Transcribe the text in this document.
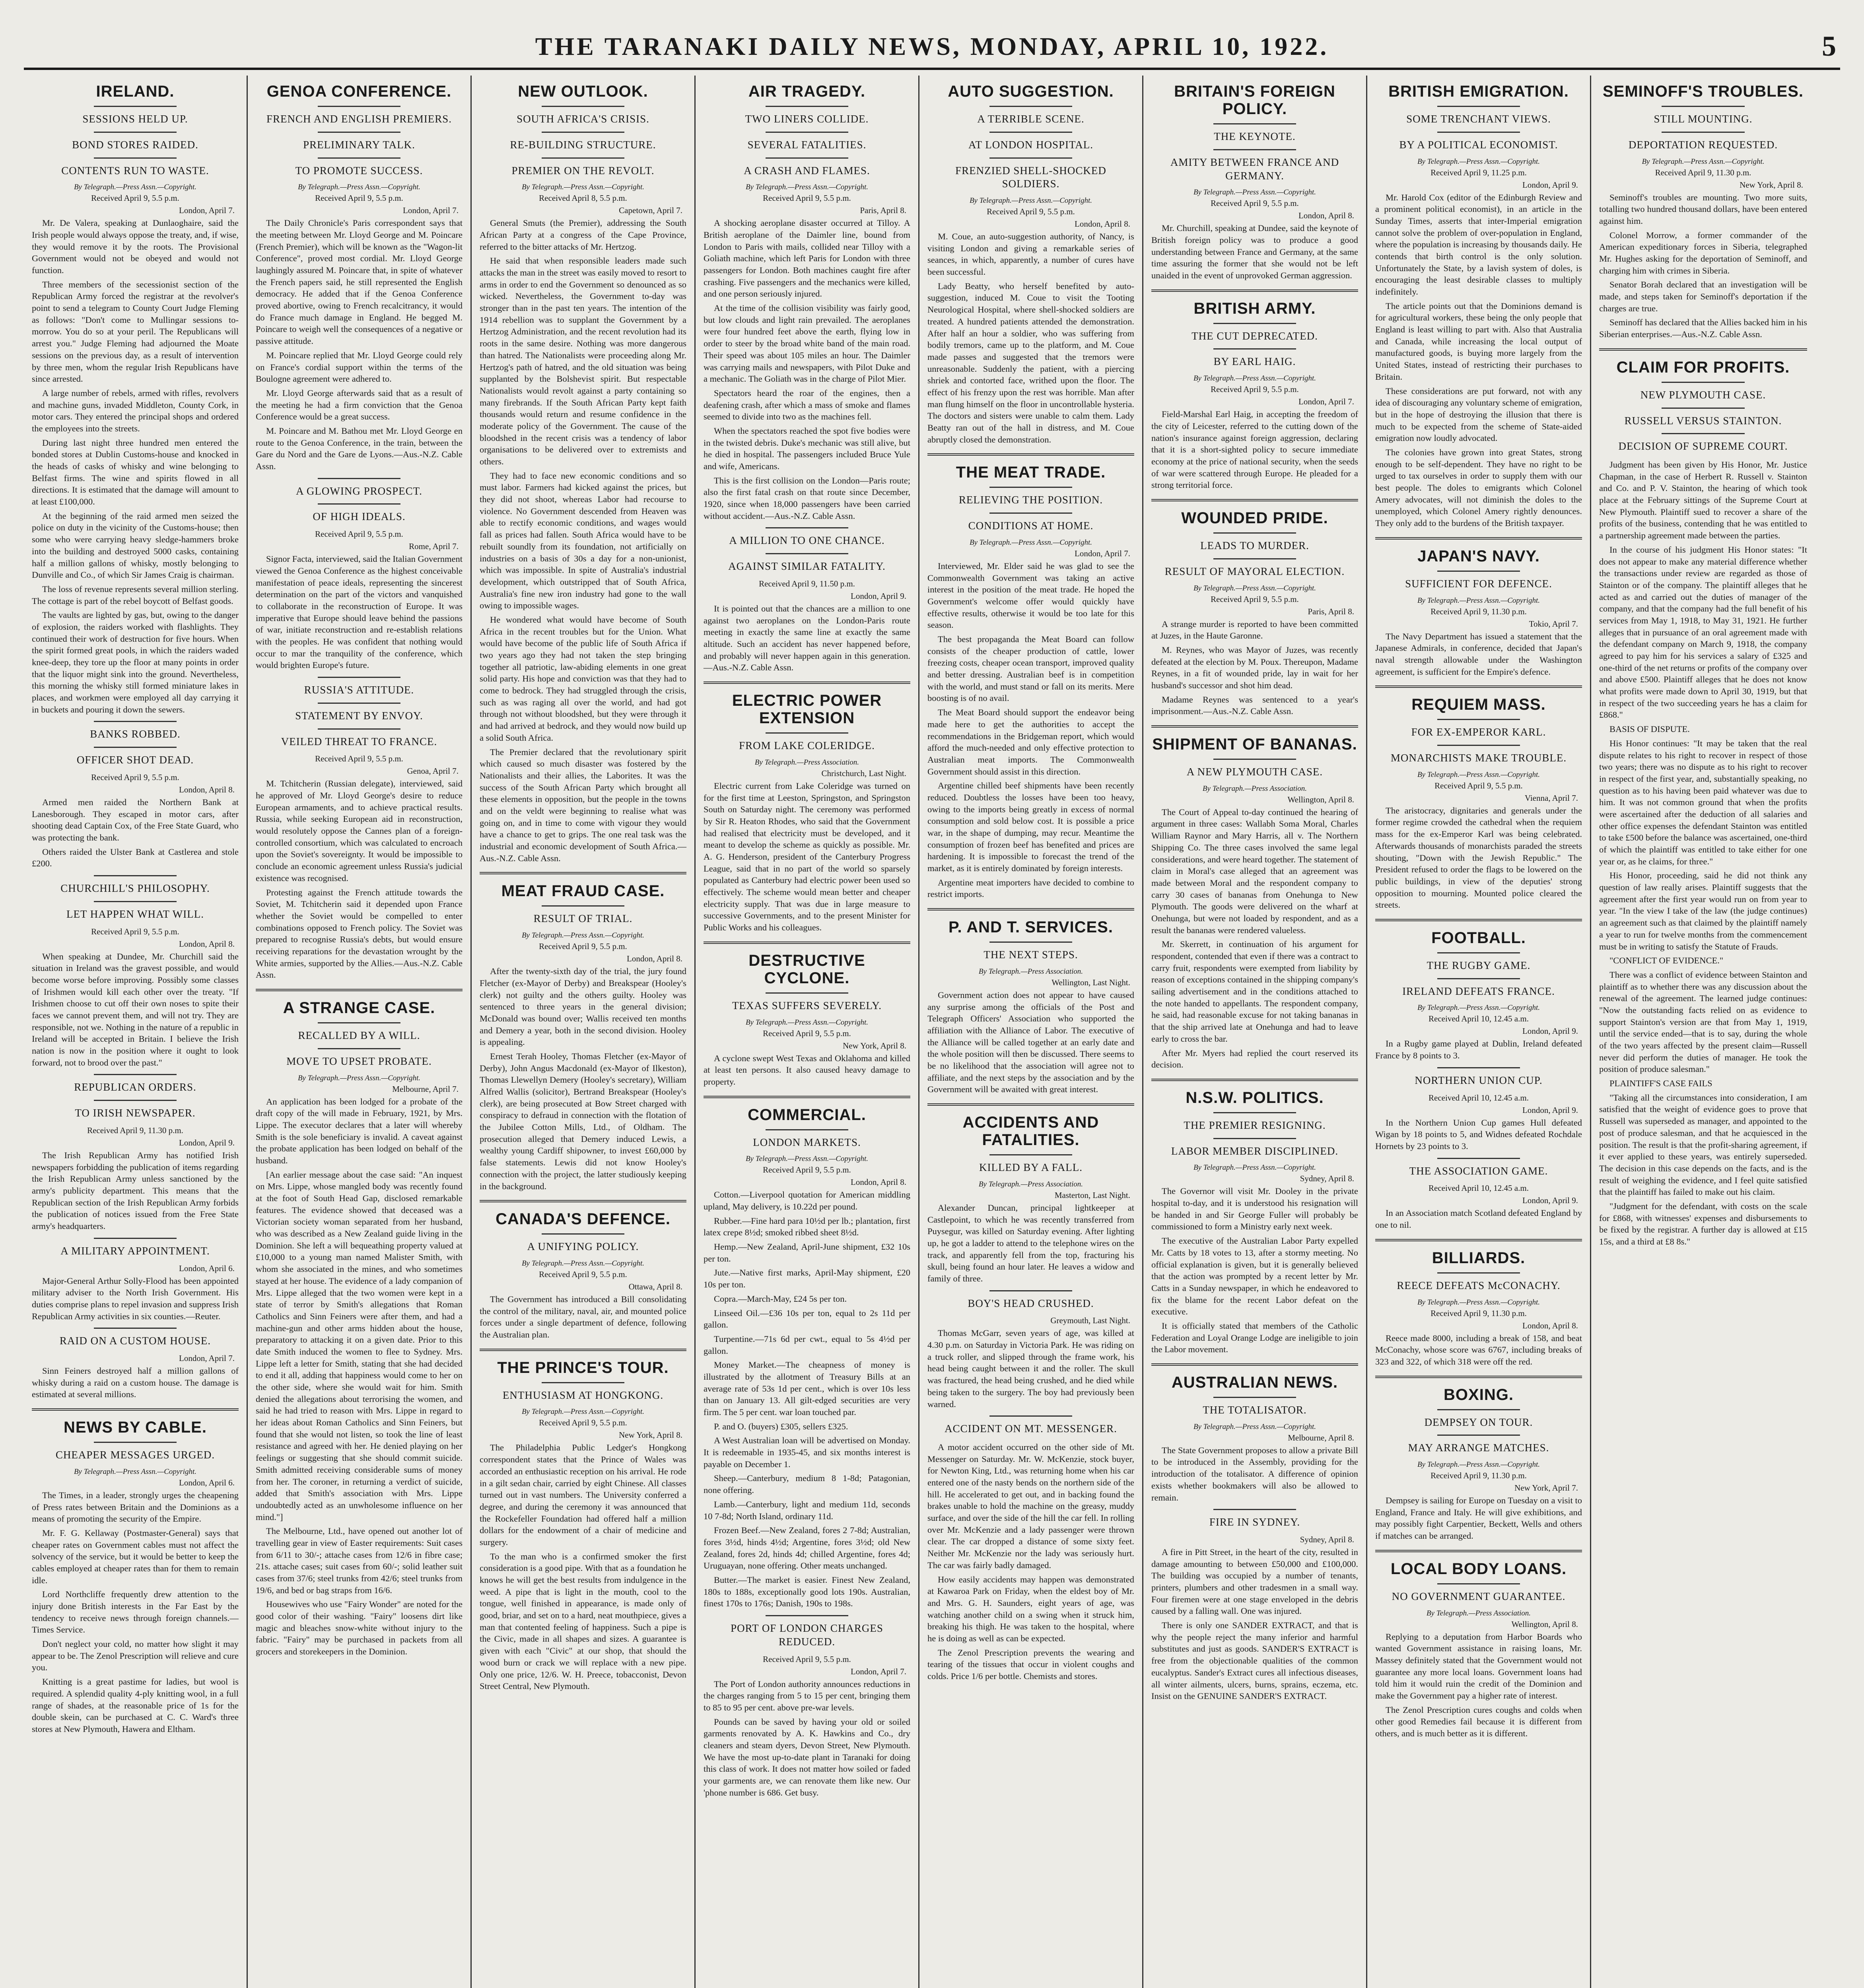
THE TARANAKI DAILY NEWS, MONDAY, APRIL 10, 1922.	5
IRELAND.
SESSIONS HELD UP.
BOND STORES RAIDED.
CONTENTS RUN TO WASTE.
By Telegraph.—Press Assn.—Copyright.
Received April 9, 5.5 p.m.
London, April 7.

Mr. De Valera, speaking at Dunlaoghaire, said the Irish people would always oppose the treaty, and, if wise, they would remove it by the roots. The Provisional Government would not be obeyed and would not function.

Three members of the secessionist section of the Republican Army forced the registrar at the revolver's point to send a telegram to County Court Judge Fleming as follows: "Don't come to Mullingar sessions to-morrow. You do so at your peril. The Republicans will arrest you." Judge Fleming had adjourned the Moate sessions on the previous day, as a result of intervention by three men, whom the regular Irish Republicans have since arrested.

A large number of rebels, armed with rifles, revolvers and machine guns, invaded Middleton, County Cork, in motor cars. They entered the principal shops and ordered the employees into the streets.

During last night three hundred men entered the bonded stores at Dublin Customs-house and knocked in the heads of casks of whisky and wine belonging to Belfast firms. The wine and spirits flowed in all directions. It is estimated that the damage will amount to at least £100,000.

At the beginning of the raid armed men seized the police on duty in the vicinity of the Customs-house; then some who were carrying heavy sledge-hammers broke into the building and destroyed 5000 casks, containing half a million gallons of whisky, mostly belonging to Dunville and Co., of which Sir James Craig is chairman.

The loss of revenue represents several million sterling. The cottage is part of the rebel boycott of Belfast goods.

The vaults are lighted by gas, but, owing to the danger of explosion, the raiders worked with flashlights. They continued their work of destruction for five hours. When the spirit formed great pools, in which the raiders waded knee-deep, they tore up the floor at many points in order that the liquor might sink into the ground. Nevertheless, this morning the whisky still formed miniature lakes in places, and workmen were employed all day carrying it in buckets and pouring it down the sewers.

BANKS ROBBED.
OFFICER SHOT DEAD.
Received April 9, 5.5 p.m.
London, April 8.

Armed men raided the Northern Bank at Lanesborough. They escaped in motor cars, after shooting dead Captain Cox, of the Free State Guard, who was protecting the bank.

Others raided the Ulster Bank at Castlerea and stole £200.

CHURCHILL'S PHILOSOPHY.
LET HAPPEN WHAT WILL.
Received April 9, 5.5 p.m.
London, April 8.

When speaking at Dundee, Mr. Churchill said the situation in Ireland was the gravest possible, and would become worse before improving. Possibly some classes of Irishmen would kill each other over the treaty. "If Irishmen choose to cut off their own noses to spite their faces we cannot prevent them, and will not try. They are responsible, not we. Nothing in the nature of a republic in Ireland will be accepted in Britain. I believe the Irish nation is now in the position where it ought to look forward, not to brood over the past."

REPUBLICAN ORDERS.
TO IRISH NEWSPAPER.
Received April 9, 11.30 p.m.
London, April 9.

The Irish Republican Army has notified Irish newspapers forbidding the publication of items regarding the Irish Republican Army unless sanctioned by the army's publicity department. This means that the Republican section of the Irish Republican Army forbids the publication of notices issued from the Free State army's headquarters.

A MILITARY APPOINTMENT.
London, April 6.

Major-General Arthur Solly-Flood has been appointed military adviser to the North Irish Government. His duties comprise plans to repel invasion and suppress Irish Republican Army activities in six counties.—Reuter.

RAID ON A CUSTOM HOUSE.
London, April 7.

Sinn Feiners destroyed half a million gallons of whisky during a raid on a custom house. The damage is estimated at several millions.

NEWS BY CABLE.
CHEAPER MESSAGES URGED.
By Telegraph.—Press Assn.—Copyright.
London, April 6.

The Times, in a leader, strongly urges the cheapening of Press rates between Britain and the Dominions as a means of promoting the security of the Empire.

Mr. F. G. Kellaway (Postmaster-General) says that cheaper rates on Government cables must not affect the solvency of the service, but it would be better to keep the cables employed at cheaper rates than for them to remain idle.

Lord Northcliffe frequently drew attention to the injury done British interests in the Far East by the tendency to receive news through foreign channels.—Times Service.

Don't neglect your cold, no matter how slight it may appear to be. The Zenol Prescription will relieve and cure you.

Knitting is a great pastime for ladies, but wool is required. A splendid quality 4-ply knitting wool, in a full range of shades, at the reasonable price of 1s for the double skein, can be purchased at C. C. Ward's three stores at New Plymouth, Hawera and Eltham.

GENOA CONFERENCE.
FRENCH AND ENGLISH PREMIERS.
PRELIMINARY TALK.
TO PROMOTE SUCCESS.
By Telegraph.—Press Assn.—Copyright.
Received April 9, 5.5 p.m.
London, April 7.

The Daily Chronicle's Paris correspondent says that the meeting between Mr. Lloyd George and M. Poincare (French Premier), which will be known as the "Wagon-lit Conference", proved most cordial. Mr. Lloyd George laughingly assured M. Poincare that, in spite of whatever the French papers said, he still represented the English democracy. He added that if the Genoa Conference proved abortive, owing to French recalcitrancy, it would do France much damage in England. He begged M. Poincare to weigh well the consequences of a negative or passive attitude.

M. Poincare replied that Mr. Lloyd George could rely on France's cordial support within the terms of the Boulogne agreement were adhered to.

Mr. Lloyd George afterwards said that as a result of the meeting he had a firm conviction that the Genoa Conference would be a great success.

M. Poincare and M. Bathou met Mr. Lloyd George en route to the Genoa Conference, in the train, between the Gare du Nord and the Gare de Lyons.—Aus.-N.Z. Cable Assn.

A GLOWING PROSPECT.
OF HIGH IDEALS.
Received April 9, 5.5 p.m.
Rome, April 7.

Signor Facta, interviewed, said the Italian Government viewed the Genoa Conference as the highest conceivable manifestation of peace ideals, representing the sincerest determination on the part of the victors and vanquished to collaborate in the reconstruction of Europe. It was imperative that Europe should leave behind the passions of war, initiate reconstruction and re-establish relations with the peoples. He was confident that nothing would occur to mar the tranquility of the conference, which would brighten Europe's future.

RUSSIA'S ATTITUDE.
STATEMENT BY ENVOY.
VEILED THREAT TO FRANCE.
Received April 9, 5.5 p.m.
Genoa, April 7.

M. Tchitcherin (Russian delegate), interviewed, said he approved of Mr. Lloyd George's desire to reduce European armaments, and to achieve practical results. Russia, while seeking European aid in reconstruction, would resolutely oppose the Cannes plan of a foreign-controlled consortium, which was calculated to encroach upon the Soviet's sovereignty. It would be impossible to conclude an economic agreement unless Russia's judicial existence was recognised.

Protesting against the French attitude towards the Soviet, M. Tchitcherin said it depended upon France whether the Soviet would be compelled to enter combinations opposed to French policy. The Soviet was prepared to recognise Russia's debts, but would ensure receiving reparations for the devastation wrought by the White armies, supported by the Allies.—Aus.-N.Z. Cable Assn.

A STRANGE CASE.
RECALLED BY A WILL.
MOVE TO UPSET PROBATE.
By Telegraph.—Press Assn.—Copyright.
Melbourne, April 7.

An application has been lodged for a probate of the draft copy of the will made in February, 1921, by Mrs. Lippe. The executor declares that a later will whereby Smith is the sole beneficiary is invalid. A caveat against the probate application has been lodged on behalf of the husband.

[An earlier message about the case said: "An inquest on Mrs. Lippe, whose mangled body was recently found at the foot of South Head Gap, disclosed remarkable features. The evidence showed that deceased was a Victorian society woman separated from her husband, who was described as a New Zealand guide living in the Dominion. She left a will bequeathing property valued at £10,000 to a young man named Malister Smith, with whom she associated in the mines, and who sometimes stayed at her house. The evidence of a lady companion of Mrs. Lippe alleged that the two women were kept in a state of terror by Smith's allegations that Roman Catholics and Sinn Feiners were after them, and had a machine-gun and other arms hidden about the house, preparatory to attacking it on a given date. Prior to this date Smith induced the women to flee to Sydney. Mrs. Lippe left a letter for Smith, stating that she had decided to end it all, adding that happiness would come to her on the other side, where she would wait for him. Smith denied the allegations about terrorising the women, and said he had tried to reason with Mrs. Lippe in regard to her ideas about Roman Catholics and Sinn Feiners, but found that she would not listen, so took the line of least resistance and agreed with her. He denied playing on her feelings or suggesting that she should commit suicide. Smith admitted receiving considerable sums of money from her. The coroner, in returning a verdict of suicide, added that Smith's association with Mrs. Lippe undoubtedly acted as an unwholesome influence on her mind."]

The Melbourne, Ltd., have opened out another lot of travelling gear in view of Easter requirements: Suit cases from 6/11 to 30/-; attache cases from 12/6 in fibre case; 21s. attache cases; suit cases from 60/-; solid leather suit cases from 37/6; steel trunks from 42/6; steel trunks from 19/6, and bed or bag straps from 16/6.

Housewives who use "Fairy Wonder" are noted for the good color of their washing. "Fairy" loosens dirt like magic and bleaches snow-white without injury to the fabric. "Fairy" may be purchased in packets from all grocers and storekeepers in the Dominion.

NEW OUTLOOK.
SOUTH AFRICA'S CRISIS.
RE-BUILDING STRUCTURE.
PREMIER ON THE REVOLT.
By Telegraph.—Press Assn.—Copyright.
Received April 8, 5.5 p.m.
Capetown, April 7.

General Smuts (the Premier), addressing the South African Party at a congress of the Cape Province, referred to the bitter attacks of Mr. Hertzog.

He said that when responsible leaders made such attacks the man in the street was easily moved to resort to arms in order to end the Government so denounced as so wicked. Nevertheless, the Government to-day was stronger than in the past ten years. The intention of the 1914 rebellion was to supplant the Government by a Hertzog Administration, and the recent revolution had its roots in the same desire. Nothing was more dangerous than hatred. The Nationalists were proceeding along Mr. Hertzog's path of hatred, and the old situation was being supplanted by the Bolshevist spirit. But respectable Nationalists would revolt against a party containing so many firebrands. If the South African Party kept faith thousands would return and resume confidence in the moderate policy of the Government. The cause of the bloodshed in the recent crisis was a tendency of labor organisations to be delivered over to extremists and others.

They had to face new economic conditions and so must labor. Farmers had kicked against the prices, but they did not shoot, whereas Labor had recourse to violence. No Government descended from Heaven was able to rectify economic conditions, and wages would fall as prices had fallen. South Africa would have to be rebuilt soundly from its foundation, not artificially on industries on a basis of 30s a day for a non-unionist, which was impossible. In spite of Australia's industrial development, which outstripped that of South Africa, Australia's fine new iron industry had gone to the wall owing to impossible wages.

He wondered what would have become of South Africa in the recent troubles but for the Union. What would have become of the public life of South Africa if two years ago they had not taken the step bringing together all patriotic, law-abiding elements in one great solid party. His hope and conviction was that they had to come to bedrock. They had struggled through the crisis, such as was raging all over the world, and had got through not without bloodshed, but they were through it and had arrived at bedrock, and they would now build up a solid South Africa.

The Premier declared that the revolutionary spirit which caused so much disaster was fostered by the Nationalists and their allies, the Laborites. It was the success of the South African Party which brought all these elements in opposition, but the people in the towns and on the veldt were beginning to realise what was going on, and in time to come with vigour they would have a chance to get to grips. The one real task was the industrial and economic development of South Africa.—Aus.-N.Z. Cable Assn.

MEAT FRAUD CASE.
RESULT OF TRIAL.
By Telegraph.—Press Assn.—Copyright.
Received April 9, 5.5 p.m.
London, April 8.

After the twenty-sixth day of the trial, the jury found Fletcher (ex-Mayor of Derby) and Breakspear (Hooley's clerk) not guilty and the others guilty. Hooley was sentenced to three years in the general division; McDonald was bound over; Wallis received ten months and Demery a year, both in the second division. Hooley is appealing.

Ernest Terah Hooley, Thomas Fletcher (ex-Mayor of Derby), John Angus Macdonald (ex-Mayor of Ilkeston), Thomas Llewellyn Demery (Hooley's secretary), William Alfred Wallis (solicitor), Bertrand Breakspear (Hooley's clerk), are being prosecuted at Bow Street charged with conspiracy to defraud in connection with the flotation of the Jubilee Cotton Mills, Ltd., of Oldham. The prosecution alleged that Demery induced Lewis, a wealthy young Cardiff shipowner, to invest £60,000 by false statements. Lewis did not know Hooley's connection with the project, the latter studiously keeping in the background.

CANADA'S DEFENCE.
A UNIFYING POLICY.
By Telegraph.—Press Assn.—Copyright.
Received April 9, 5.5 p.m.
Ottawa, April 8.

The Government has introduced a Bill consolidating the control of the military, naval, air, and mounted police forces under a single department of defence, following the Australian plan.

THE PRINCE'S TOUR.
ENTHUSIASM AT HONGKONG.
By Telegraph.—Press Assn.—Copyright.
Received April 9, 5.5 p.m.
New York, April 8.

The Philadelphia Public Ledger's Hongkong correspondent states that the Prince of Wales was accorded an enthusiastic reception on his arrival. He rode in a gilt sedan chair, carried by eight Chinese. All classes turned out in vast numbers. The University conferred a degree, and during the ceremony it was announced that the Rockefeller Foundation had offered half a million dollars for the endowment of a chair of medicine and surgery.

To the man who is a confirmed smoker the first consideration is a good pipe. With that as a foundation he knows he will get the best results from indulgence in the weed. A pipe that is light in the mouth, cool to the tongue, well finished in appearance, is made only of good, briar, and set on to a hard, neat mouthpiece, gives a man that contented feeling of happiness. Such a pipe is the Civic, made in all shapes and sizes. A guarantee is given with each "Civic" at our shop, that should the wood burn or crack we will replace with a new pipe. Only one price, 12/6. W. H. Preece, tobacconist, Devon Street Central, New Plymouth.

AIR TRAGEDY.
TWO LINERS COLLIDE.
SEVERAL FATALITIES.
A CRASH AND FLAMES.
By Telegraph.—Press Assn.—Copyright.
Received April 9, 5.5 p.m.
Paris, April 8.

A shocking aeroplane disaster occurred at Tilloy. A British aeroplane of the Daimler line, bound from London to Paris with mails, collided near Tilloy with a Goliath machine, which left Paris for London with three passengers for London. Both machines caught fire after crashing. Five passengers and the mechanics were killed, and one person seriously injured.

At the time of the collision visibility was fairly good, but low clouds and light rain prevailed. The aeroplanes were four hundred feet above the earth, flying low in order to steer by the broad white band of the main road. Their speed was about 105 miles an hour. The Daimler was carrying mails and newspapers, with Pilot Duke and a mechanic. The Goliath was in the charge of Pilot Mier.

Spectators heard the roar of the engines, then a deafening crash, after which a mass of smoke and flames seemed to divide into two as the machines fell.

When the spectators reached the spot five bodies were in the twisted debris. Duke's mechanic was still alive, but he died in hospital. The passengers included Bruce Yule and wife, Americans.

This is the first collision on the London—Paris route; also the first fatal crash on that route since December, 1920, since when 18,000 passengers have been carried without accident.—Aus.-N.Z. Cable Assn.

A MILLION TO ONE CHANCE.
AGAINST SIMILAR FATALITY.
Received April 9, 11.50 p.m.
London, April 9.

It is pointed out that the chances are a million to one against two aeroplanes on the London-Paris route meeting in exactly the same line at exactly the same altitude. Such an accident has never happened before, and probably will never happen again in this generation.—Aus.-N.Z. Cable Assn.

ELECTRIC POWER EXTENSION
FROM LAKE COLERIDGE.
By Telegraph.—Press Association.
Christchurch, Last Night.

Electric current from Lake Coleridge was turned on for the first time at Leeston, Springston, and Springston South on Saturday night. The ceremony was performed by Sir R. Heaton Rhodes, who said that the Government had realised that electricity must be developed, and it meant to develop the scheme as quickly as possible. Mr. A. G. Henderson, president of the Canterbury Progress League, said that in no part of the world so sparsely populated as Canterbury had electric power been used so effectively. The scheme would mean better and cheaper electricity supply. That was due in large measure to successive Governments, and to the present Minister for Public Works and his colleagues.

DESTRUCTIVE CYCLONE.
TEXAS SUFFERS SEVERELY.
By Telegraph.—Press Assn.—Copyright.
Received April 9, 5.5 p.m.
New York, April 8.

A cyclone swept West Texas and Oklahoma and killed at least ten persons. It also caused heavy damage to property.

COMMERCIAL.
LONDON MARKETS.
By Telegraph.—Press Assn.—Copyright.
Received April 9, 5.5 p.m.
London, April 8.

Cotton.—Liverpool quotation for American middling upland, May delivery, is 10.22d per pound.

Rubber.—Fine hard para 10½d per lb.; plantation, first latex crepe 8½d; smoked ribbed sheet 8½d.

Hemp.—New Zealand, April-June shipment, £32 10s per ton.

Jute.—Native first marks, April-May shipment, £20 10s per ton.

Copra.—March-May, £24 5s per ton.

Linseed Oil.—£36 10s per ton, equal to 2s 11d per gallon.

Turpentine.—71s 6d per cwt., equal to 5s 4½d per gallon.

Money Market.—The cheapness of money is illustrated by the allotment of Treasury Bills at an average rate of 53s 1d per cent., which is over 10s less than on January 13. All gilt-edged securities are very firm. The 5 per cent. war loan touched par.

P. and O. (buyers) £305, sellers £325.

A West Australian loan will be advertised on Monday. It is redeemable in 1935-45, and six months interest is payable on December 1.

Sheep.—Canterbury, medium 8 1-8d; Patagonian, none offering.

Lamb.—Canterbury, light and medium 11d, seconds 10 7-8d; North Island, ordinary 11d.

Frozen Beef.—New Zealand, fores 2 7-8d; Australian, fores 3½d, hinds 4½d; Argentine, fores 3½d; old New Zealand, fores 2d, hinds 4d; chilled Argentine, fores 4d; Uruguayan, none offering. Other meats unchanged.

Butter.—The market is easier. Finest New Zealand, 180s to 188s, exceptionally good lots 190s. Australian, finest 170s to 176s; Danish, 190s to 198s.

PORT OF LONDON CHARGES REDUCED.
Received April 9, 5.5 p.m.
London, April 7.

The Port of London authority announces reductions in the charges ranging from 5 to 15 per cent, bringing them to 85 to 95 per cent. above pre-war levels.

Pounds can be saved by having your old or soiled garments renovated by A. K. Hawkins and Co., dry cleaners and steam dyers, Devon Street, New Plymouth. We have the most up-to-date plant in Taranaki for doing this class of work. It does not matter how soiled or faded your garments are, we can renovate them like new. Our 'phone number is 686. Get busy.

AUTO SUGGESTION.
A TERRIBLE SCENE.
AT LONDON HOSPITAL.
FRENZIED SHELL-SHOCKED SOLDIERS.
By Telegraph.—Press Assn.—Copyright.
Received April 9, 5.5 p.m.
London, April 8.

M. Coue, an auto-suggestion authority, of Nancy, is visiting London and giving a remarkable series of seances, in which, apparently, a number of cures have been successful.

Lady Beatty, who herself benefited by auto-suggestion, induced M. Coue to visit the Tooting Neurological Hospital, where shell-shocked soldiers are treated. A hundred patients attended the demonstration. After half an hour a soldier, who was suffering from bodily tremors, came up to the platform, and M. Coue made passes and suggested that the tremors were unreasonable. Suddenly the patient, with a piercing shriek and contorted face, writhed upon the floor. The effect of his frenzy upon the rest was horrible. Man after man flung himself on the floor in uncontrollable hysteria. The doctors and sisters were unable to calm them. Lady Beatty ran out of the hall in distress, and M. Coue abruptly closed the demonstration.

THE MEAT TRADE.
RELIEVING THE POSITION.
CONDITIONS AT HOME.
By Telegraph.—Press Assn.—Copyright.
London, April 7.

Interviewed, Mr. Elder said he was glad to see the Commonwealth Government was taking an active interest in the position of the meat trade. He hoped the Government's welcome offer would quickly have effective results, otherwise it would be too late for this season.

The best propaganda the Meat Board can follow consists of the cheaper production of cattle, lower freezing costs, cheaper ocean transport, improved quality and better dressing. Australian beef is in competition with the world, and must stand or fall on its merits. Mere boosting is of no avail.

The Meat Board should support the endeavor being made here to get the authorities to accept the recommendations in the Bridgeman report, which would afford the much-needed and only effective protection to Australian meat imports. The Commonwealth Government should assist in this direction.

Argentine chilled beef shipments have been recently reduced. Doubtless the losses have been too heavy, owing to the imports being greatly in excess of normal consumption and sold below cost. It is possible a price war, in the shape of dumping, may recur. Meantime the consumption of frozen beef has benefited and prices are hardening. It is impossible to forecast the trend of the market, as it is entirely dominated by foreign interests.

Argentine meat importers have decided to combine to restrict imports.

P. AND T. SERVICES.
THE NEXT STEPS.
By Telegraph.—Press Association.
Wellington, Last Night.

Government action does not appear to have caused any surprise among the officials of the Post and Telegraph Officers' Association who supported the affiliation with the Alliance of Labor. The executive of the Alliance will be called together at an early date and the whole position will then be discussed. There seems to be no likelihood that the association will agree not to affiliate, and the next steps by the association and by the Government will be awaited with great interest.

ACCIDENTS AND FATALITIES.
KILLED BY A FALL.
By Telegraph.—Press Association.
Masterton, Last Night.

Alexander Duncan, principal lightkeeper at Castlepoint, to which he was recently transferred from Puysegur, was killed on Saturday evening. After lighting up, he got a ladder to attend to the telephone wires on the track, and apparently fell from the top, fracturing his skull, being found an hour later. He leaves a widow and family of three.

BOY'S HEAD CRUSHED.
Greymouth, Last Night.

Thomas McGarr, seven years of age, was killed at 4.30 p.m. on Saturday in Victoria Park. He was riding on a truck roller, and slipped through the frame work, his head being caught between it and the roller. The skull was fractured, the head being crushed, and he died while being taken to the surgery. The boy had previously been warned.

ACCIDENT ON MT. MESSENGER.

A motor accident occurred on the other side of Mt. Messenger on Saturday. Mr. W. McKenzie, stock buyer, for Newton King, Ltd., was returning home when his car entered one of the nasty bends on the northern side of the hill. He accelerated to get out, and in backing found the brakes unable to hold the machine on the greasy, muddy surface, and over the side of the hill the car fell. In rolling over Mr. McKenzie and a lady passenger were thrown clear. The car dropped a distance of some sixty feet. Neither Mr. McKenzie nor the lady was seriously hurt. The car was fairly badly damaged.

How easily accidents may happen was demonstrated at Kawaroa Park on Friday, when the eldest boy of Mr. and Mrs. G. H. Saunders, eight years of age, was watching another child on a swing when it struck him, breaking his thigh. He was taken to the hospital, where he is doing as well as can be expected.

The Zenol Prescription prevents the wearing and tearing of the tissues that occur in violent coughs and colds. Price 1/6 per bottle. Chemists and stores.

BRITAIN'S FOREIGN POLICY.
THE KEYNOTE.
AMITY BETWEEN FRANCE AND GERMANY.
By Telegraph.—Press Assn.—Copyright.
Received April 9, 5.5 p.m.
London, April 8.

Mr. Churchill, speaking at Dundee, said the keynote of British foreign policy was to produce a good understanding between France and Germany, at the same time assuring the former that she would not be left unaided in the event of unprovoked German aggression.

BRITISH ARMY.
THE CUT DEPRECATED.
BY EARL HAIG.
By Telegraph.—Press Assn.—Copyright.
Received April 9, 5.5 p.m.
London, April 7.

Field-Marshal Earl Haig, in accepting the freedom of the city of Leicester, referred to the cutting down of the nation's insurance against foreign aggression, declaring that it is a short-sighted policy to secure immediate economy at the price of national security, when the seeds of war were scattered through Europe. He pleaded for a strong territorial force.

WOUNDED PRIDE.
LEADS TO MURDER.
RESULT OF MAYORAL ELECTION.
By Telegraph.—Press Assn.—Copyright.
Received April 9, 5.5 p.m.
Paris, April 8.

A strange murder is reported to have been committed at Juzes, in the Haute Garonne.

M. Reynes, who was Mayor of Juzes, was recently defeated at the election by M. Poux. Thereupon, Madame Reynes, in a fit of wounded pride, lay in wait for her husband's successor and shot him dead.

Madame Reynes was sentenced to a year's imprisonment.—Aus.-N.Z. Cable Assn.

SHIPMENT OF BANANAS.
A NEW PLYMOUTH CASE.
By Telegraph.—Press Association.
Wellington, April 8.

The Court of Appeal to-day continued the hearing of argument in three cases: Wallabh Soma Moral, Charles William Raynor and Mary Harris, all v. The Northern Shipping Co. The three cases involved the same legal considerations, and were heard together. The statement of claim in Moral's case alleged that an agreement was made between Moral and the respondent company to carry 30 cases of bananas from Onehunga to New Plymouth. The goods were delivered on the wharf at Onehunga, but were not loaded by respondent, and as a result the bananas were rendered valueless.

Mr. Skerrett, in continuation of his argument for respondent, contended that even if there was a contract to carry fruit, respondents were exempted from liability by reason of exceptions contained in the shipping company's sailing advertisement and in the conditions attached to the note handed to appellants. The respondent company, he said, had reasonable excuse for not taking bananas in that the ship arrived late at Onehunga and had to leave early to cross the bar.

After Mr. Myers had replied the court reserved its decision.

N.S.W. POLITICS.
THE PREMIER RESIGNING.
LABOR MEMBER DISCIPLINED.
By Telegraph.—Press Assn.—Copyright.
Sydney, April 8.

The Governor will visit Mr. Dooley in the private hospital to-day, and it is understood his resignation will be handed in and Sir George Fuller will probably be commissioned to form a Ministry early next week.

The executive of the Australian Labor Party expelled Mr. Catts by 18 votes to 13, after a stormy meeting. No official explanation is given, but it is generally believed that the action was prompted by a recent letter by Mr. Catts in a Sunday newspaper, in which he endeavored to fix the blame for the recent Labor defeat on the executive.

It is officially stated that members of the Catholic Federation and Loyal Orange Lodge are ineligible to join the Labor movement.

AUSTRALIAN NEWS.
THE TOTALISATOR.
By Telegraph.—Press Assn.—Copyright.
Melbourne, April 8.

The State Government proposes to allow a private Bill to be introduced in the Assembly, providing for the introduction of the totalisator. A difference of opinion exists whether bookmakers will also be allowed to remain.

FIRE IN SYDNEY.
Sydney, April 8.

A fire in Pitt Street, in the heart of the city, resulted in damage amounting to between £50,000 and £100,000. The building was occupied by a number of tenants, printers, plumbers and other tradesmen in a small way. Four firemen were at one stage enveloped in the debris caused by a falling wall. One was injured.

There is only one SANDER EXTRACT, and that is why the people reject the many inferior and harmful substitutes and just as goods. SANDER'S EXTRACT is free from the objectionable qualities of the common eucalyptus. Sander's Extract cures all infectious diseases, all winter ailments, ulcers, burns, sprains, eczema, etc. Insist on the GENUINE SANDER'S EXTRACT.

BRITISH EMIGRATION.
SOME TRENCHANT VIEWS.
BY A POLITICAL ECONOMIST.
By Telegraph.—Press Assn.—Copyright.
Received April 9, 11.25 p.m.
London, April 9.

Mr. Harold Cox (editor of the Edinburgh Review and a prominent political economist), in an article in the Sunday Times, asserts that inter-Imperial emigration cannot solve the problem of over-population in England, where the population is increasing by thousands daily. He contends that birth control is the only solution. Unfortunately the State, by a lavish system of doles, is encouraging the least desirable classes to multiply indefinitely.

The article points out that the Dominions demand is for agricultural workers, these being the only people that England is least willing to part with. Also that Australia and Canada, while increasing the local output of manufactured goods, is buying more largely from the United States, instead of restricting their purchases to Britain.

These considerations are put forward, not with any idea of discouraging any voluntary scheme of emigration, but in the hope of destroying the illusion that there is much to be expected from the scheme of State-aided emigration now loudly advocated.

The colonies have grown into great States, strong enough to be self-dependent. They have no right to be urged to tax ourselves in order to supply them with our best people. The doles to emigrants which Colonel Amery advocates, will not diminish the doles to the unemployed, which Colonel Amery rightly denounces. They only add to the burdens of the British taxpayer.

JAPAN'S NAVY.
SUFFICIENT FOR DEFENCE.
By Telegraph.—Press Assn.—Copyright.
Received April 9, 11.30 p.m.
Tokio, April 7.

The Navy Department has issued a statement that the Japanese Admirals, in conference, decided that Japan's naval strength allowable under the Washington agreement, is sufficient for the Empire's defence.

REQUIEM MASS.
FOR EX-EMPEROR KARL.
MONARCHISTS MAKE TROUBLE.
By Telegraph.—Press Assn.—Copyright.
Received April 9, 5.5 p.m.
Vienna, April 7.

The aristocracy, dignitaries and generals under the former regime crowded the cathedral when the requiem mass for the ex-Emperor Karl was being celebrated. Afterwards thousands of monarchists paraded the streets shouting, "Down with the Jewish Republic." The President refused to order the flags to be lowered on the public buildings, in view of the deputies' strong opposition to mourning. Mounted police cleared the streets.

FOOTBALL.
THE RUGBY GAME.
IRELAND DEFEATS FRANCE.
By Telegraph.—Press Assn.—Copyright.
Received April 10, 12.45 a.m.
London, April 9.

In a Rugby game played at Dublin, Ireland defeated France by 8 points to 3.

NORTHERN UNION CUP.
Received April 10, 12.45 a.m.
London, April 9.

In the Northern Union Cup games Hull defeated Wigan by 18 points to 5, and Widnes defeated Rochdale Hornets by 23 points to 3.

THE ASSOCIATION GAME.
Received April 10, 12.45 a.m.
London, April 9.

In an Association match Scotland defeated England by one to nil.

BILLIARDS.
REECE DEFEATS McCONACHY.
By Telegraph.—Press Assn.—Copyright.
Received April 9, 11.30 p.m.
London, April 8.

Reece made 8000, including a break of 158, and beat McConachy, whose score was 6767, including breaks of 323 and 322, of which 318 were off the red.

BOXING.
DEMPSEY ON TOUR.
MAY ARRANGE MATCHES.
By Telegraph.—Press Assn.—Copyright.
Received April 9, 11.30 p.m.
New York, April 7.

Dempsey is sailing for Europe on Tuesday on a visit to England, France and Italy. He will give exhibitions, and may possibly fight Carpentier, Beckett, Wells and others if matches can be arranged.

LOCAL BODY LOANS.
NO GOVERNMENT GUARANTEE.
By Telegraph.—Press Association.
Wellington, April 8.

Replying to a deputation from Harbor Boards who wanted Government assistance in raising loans, Mr. Massey definitely stated that the Government would not guarantee any more local loans. Government loans had told him it would ruin the credit of the Dominion and make the Government pay a higher rate of interest.

The Zenol Prescription cures coughs and colds when other good Remedies fail because it is different from others, and is much better as it is different.

SEMINOFF'S TROUBLES.
STILL MOUNTING.
DEPORTATION REQUESTED.
By Telegraph.—Press Assn.—Copyright.
Received April 9, 11.30 p.m.
New York, April 8.

Seminoff's troubles are mounting. Two more suits, totalling two hundred thousand dollars, have been entered against him.

Colonel Morrow, a former commander of the American expeditionary forces in Siberia, telegraphed Mr. Hughes asking for the deportation of Seminoff, and charging him with crimes in Siberia.

Senator Borah declared that an investigation will be made, and steps taken for Seminoff's deportation if the charges are true.

Seminoff has declared that the Allies backed him in his Siberian enterprises.—Aus.-N.Z. Cable Assn.

CLAIM FOR PROFITS.
NEW PLYMOUTH CASE.
RUSSELL VERSUS STAINTON.
DECISION OF SUPREME COURT.

Judgment has been given by His Honor, Mr. Justice Chapman, in the case of Herbert R. Russell v. Stainton and Co. and P. V. Stainton, the hearing of which took place at the February sittings of the Supreme Court at New Plymouth. Plaintiff sued to recover a share of the profits of the business, contending that he was entitled to a partnership agreement made between the parties.

In the course of his judgment His Honor states: "It does not appear to make any material difference whether the transactions under review are regarded as those of Stainton or of the company. The plaintiff alleges that he acted as and carried out the duties of manager of the company, and that the company had the full benefit of his services from May 1, 1918, to May 31, 1921. He further alleges that in pursuance of an oral agreement made with the defendant company on March 9, 1918, the company agreed to pay him for his services a salary of £325 and one-third of the net returns or profits of the company over and above £500. Plaintiff alleges that he does not know what profits were made down to April 30, 1919, but that in respect of the two succeeding years he has a claim for £868."

BASIS OF DISPUTE.

His Honor continues: "It may be taken that the real dispute relates to his right to recover in respect of those two years; there was no dispute as to his right to recover in respect of the first year, and, substantially speaking, no question as to his having been paid whatever was due to him. It was not common ground that when the profits were ascertained after the deduction of all salaries and other office expenses the defendant Stainton was entitled to take £500 before the balance was ascertained, one-third of which the plaintiff was entitled to take either for one year or, as he claims, for three."

His Honor, proceeding, said he did not think any question of law really arises. Plaintiff suggests that the agreement after the first year would run on from year to year. "In the view I take of the law (the judge continues) an agreement such as that claimed by the plaintiff namely a year to run for twelve months from the commencement must be in writing to satisfy the Statute of Frauds.

"CONFLICT OF EVIDENCE."

There was a conflict of evidence between Stainton and plaintiff as to whether there was any discussion about the renewal of the agreement. The learned judge continues: "Now the outstanding facts relied on as evidence to support Stainton's version are that from May 1, 1919, until the service ended—that is to say, during the whole of the two years affected by the present claim—Russell never did perform the duties of manager. He took the position of produce salesman."

PLAINTIFF'S CASE FAILS

"Taking all the circumstances into consideration, I am satisfied that the weight of evidence goes to prove that Russell was superseded as manager, and appointed to the post of produce salesman, and that he acquiesced in the position. The result is that the profit-sharing agreement, if it ever applied to these years, was entirely superseded. The decision in this case depends on the facts, and is the result of weighing the evidence, and I feel quite satisfied that the plaintiff has failed to make out his claim.

"Judgment for the defendant, with costs on the scale for £868, with witnesses' expenses and disbursements to be fixed by the registrar. A further day is allowed at £15 15s, and a third at £8 8s."
